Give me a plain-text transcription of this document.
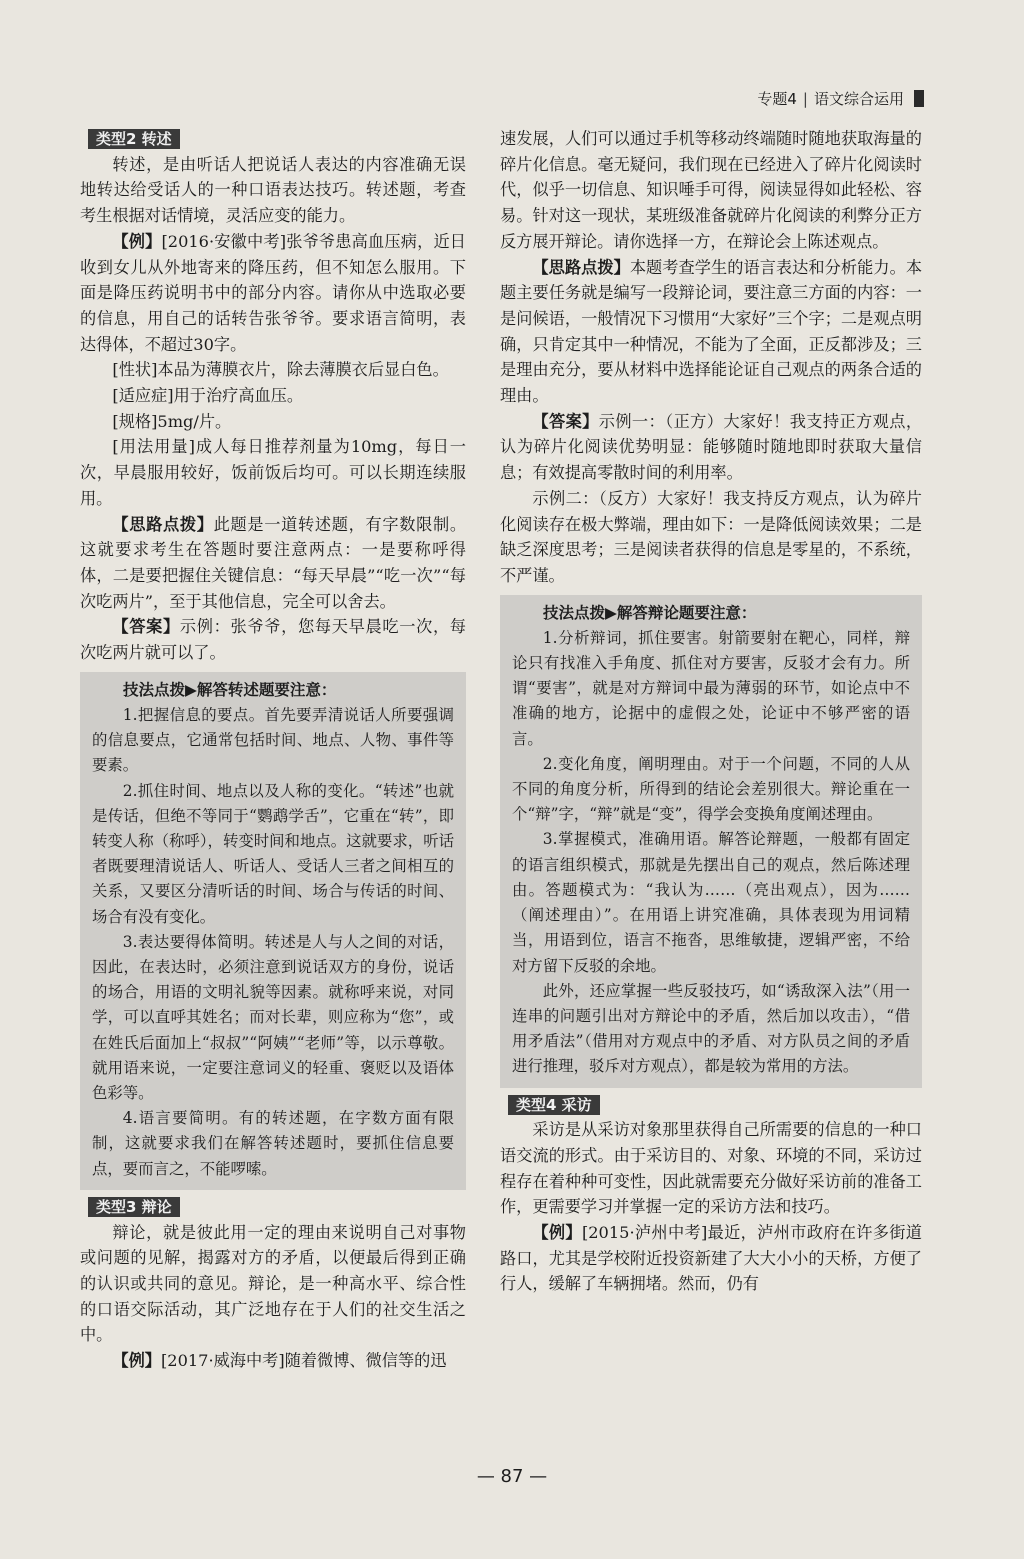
专题4 | 语文综合运用
类型2 转述

转述，是由听话人把说话人表达的内容准确无误地转达给受话人的一种口语表达技巧。转述题，考查考生根据对话情境，灵活应变的能力。

【例】[2016·安徽中考]张爷爷患高血压病，近日收到女儿从外地寄来的降压药，但不知怎么服用。下面是降压药说明书中的部分内容。请你从中选取必要的信息，用自己的话转告张爷爷。要求语言简明，表达得体，不超过30字。

[性状]本品为薄膜衣片，除去薄膜衣后显白色。

[适应症]用于治疗高血压。

[规格]5mg/片。

[用法用量]成人每日推荐剂量为10mg，每日一次，早晨服用较好，饭前饭后均可。可以长期连续服用。

【思路点拨】此题是一道转述题，有字数限制。这就要求考生在答题时要注意两点：一是要称呼得体，二是要把握住关键信息：“每天早晨”“吃一次”“每次吃两片”，至于其他信息，完全可以舍去。

【答案】示例：张爷爷，您每天早晨吃一次，每次吃两片就可以了。

技法点拨▶解答转述题要注意：

1.把握信息的要点。首先要弄清说话人所要强调的信息要点，它通常包括时间、地点、人物、事件等要素。

2.抓住时间、地点以及人称的变化。“转述”也就是传话，但绝不等同于“鹦鹉学舌”，它重在“转”，即转变人称（称呼），转变时间和地点。这就要求，听话者既要理清说话人、听话人、受话人三者之间相互的关系，又要区分清听话的时间、场合与传话的时间、场合有没有变化。

3.表达要得体简明。转述是人与人之间的对话，因此，在表达时，必须注意到说话双方的身份，说话的场合，用语的文明礼貌等因素。就称呼来说，对同学，可以直呼其姓名；而对长辈，则应称为“您”，或在姓氏后面加上“叔叔”“阿姨”“老师”等，以示尊敬。就用语来说，一定要注意词义的轻重、褒贬以及语体色彩等。

4.语言要简明。有的转述题，在字数方面有限制，这就要求我们在解答转述题时，要抓住信息要点，要而言之，不能啰嗦。

类型3 辩论

辩论，就是彼此用一定的理由来说明自己对事物或问题的见解，揭露对方的矛盾，以便最后得到正确的认识或共同的意见。辩论，是一种高水平、综合性的口语交际活动，其广泛地存在于人们的社交生活之中。

【例】[2017·威海中考]随着微博、微信等的迅

速发展，人们可以通过手机等移动终端随时随地获取海量的碎片化信息。毫无疑问，我们现在已经进入了碎片化阅读时代，似乎一切信息、知识唾手可得，阅读显得如此轻松、容易。针对这一现状，某班级准备就碎片化阅读的利弊分正方反方展开辩论。请你选择一方，在辩论会上陈述观点。

【思路点拨】本题考查学生的语言表达和分析能力。本题主要任务就是编写一段辩论词，要注意三方面的内容：一是问候语，一般情况下习惯用“大家好”三个字；二是观点明确，只肯定其中一种情况，不能为了全面，正反都涉及；三是理由充分，要从材料中选择能论证自己观点的两条合适的理由。

【答案】示例一：（正方）大家好！我支持正方观点，认为碎片化阅读优势明显：能够随时随地即时获取大量信息；有效提高零散时间的利用率。

示例二：（反方）大家好！我支持反方观点，认为碎片化阅读存在极大弊端，理由如下：一是降低阅读效果；二是缺乏深度思考；三是阅读者获得的信息是零星的，不系统，不严谨。

技法点拨▶解答辩论题要注意：

1.分析辩词，抓住要害。射箭要射在靶心，同样，辩论只有找准入手角度、抓住对方要害，反驳才会有力。所谓“要害”，就是对方辩词中最为薄弱的环节，如论点中不准确的地方，论据中的虚假之处，论证中不够严密的语言。

2.变化角度，阐明理由。对于一个问题，不同的人从不同的角度分析，所得到的结论会差别很大。辩论重在一个“辩”字，“辩”就是“变”，得学会变换角度阐述理由。

3.掌握模式，准确用语。解答论辩题，一般都有固定的语言组织模式，那就是先摆出自己的观点，然后陈述理由。答题模式为：“我认为……（亮出观点），因为……（阐述理由）”。在用语上讲究准确，具体表现为用词精当，用语到位，语言不拖沓，思维敏捷，逻辑严密，不给对方留下反驳的余地。

此外，还应掌握一些反驳技巧，如“诱敌深入法”（用一连串的问题引出对方辩论中的矛盾，然后加以攻击），“借用矛盾法”（借用对方观点中的矛盾、对方队员之间的矛盾进行推理，驳斥对方观点），都是较为常用的方法。

类型4 采访

采访是从采访对象那里获得自己所需要的信息的一种口语交流的形式。由于采访目的、对象、环境的不同，采访过程存在着种种可变性，因此就需要充分做好采访前的准备工作，更需要学习并掌握一定的采访方法和技巧。

【例】[2015·泸州中考]最近，泸州市政府在许多街道路口，尤其是学校附近投资新建了大大小小的天桥，方便了行人，缓解了车辆拥堵。然而，仍有

— 87 —
